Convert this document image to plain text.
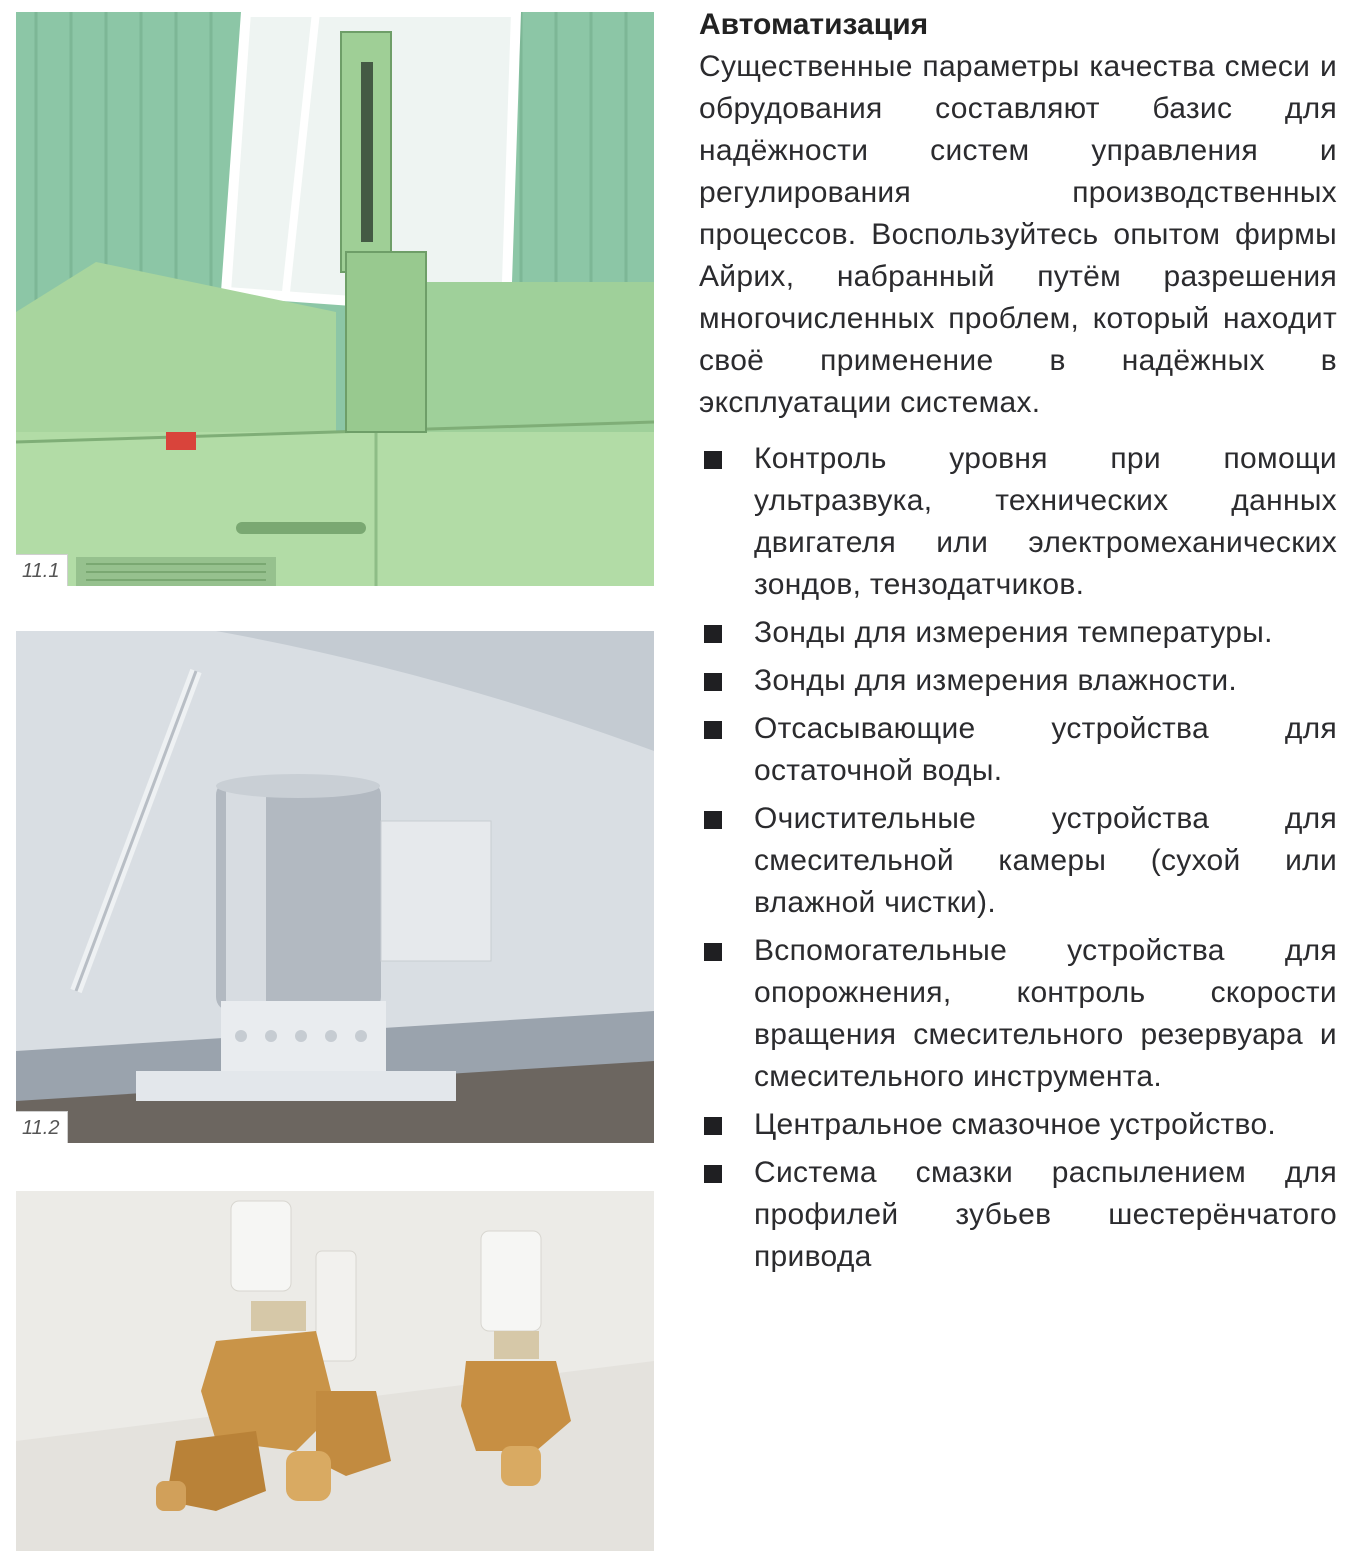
11.1
11.2
Автоматизация

Существенные параметры качества смеси и обрудования составляют базис для надёжности систем управления и регулирования производственных процессов. Воспользуйтесь опытом фирмы Айрих, набранный путём разрешения многочисленных проблем, который находит своё применение в надёжных в эксплуатации системах.

Контроль уровня при помощи ультразвука, технических данных двигателя или электромеханических зондов, тензодатчиков.
Зонды для измерения температуры.
Зонды для измерения влажности.
Отсасывающие устройства для остаточной воды.
Очистительные устройства для смесительной камеры (сухой или влажной чистки).
Вспомогательные устройства для опорожнения, контроль скорости вращения смесительного резервуара и смесительного инструмента.
Центральное смазочное устройство.
Система смазки распылением для профилей зубьев шестерёнчатого привода
